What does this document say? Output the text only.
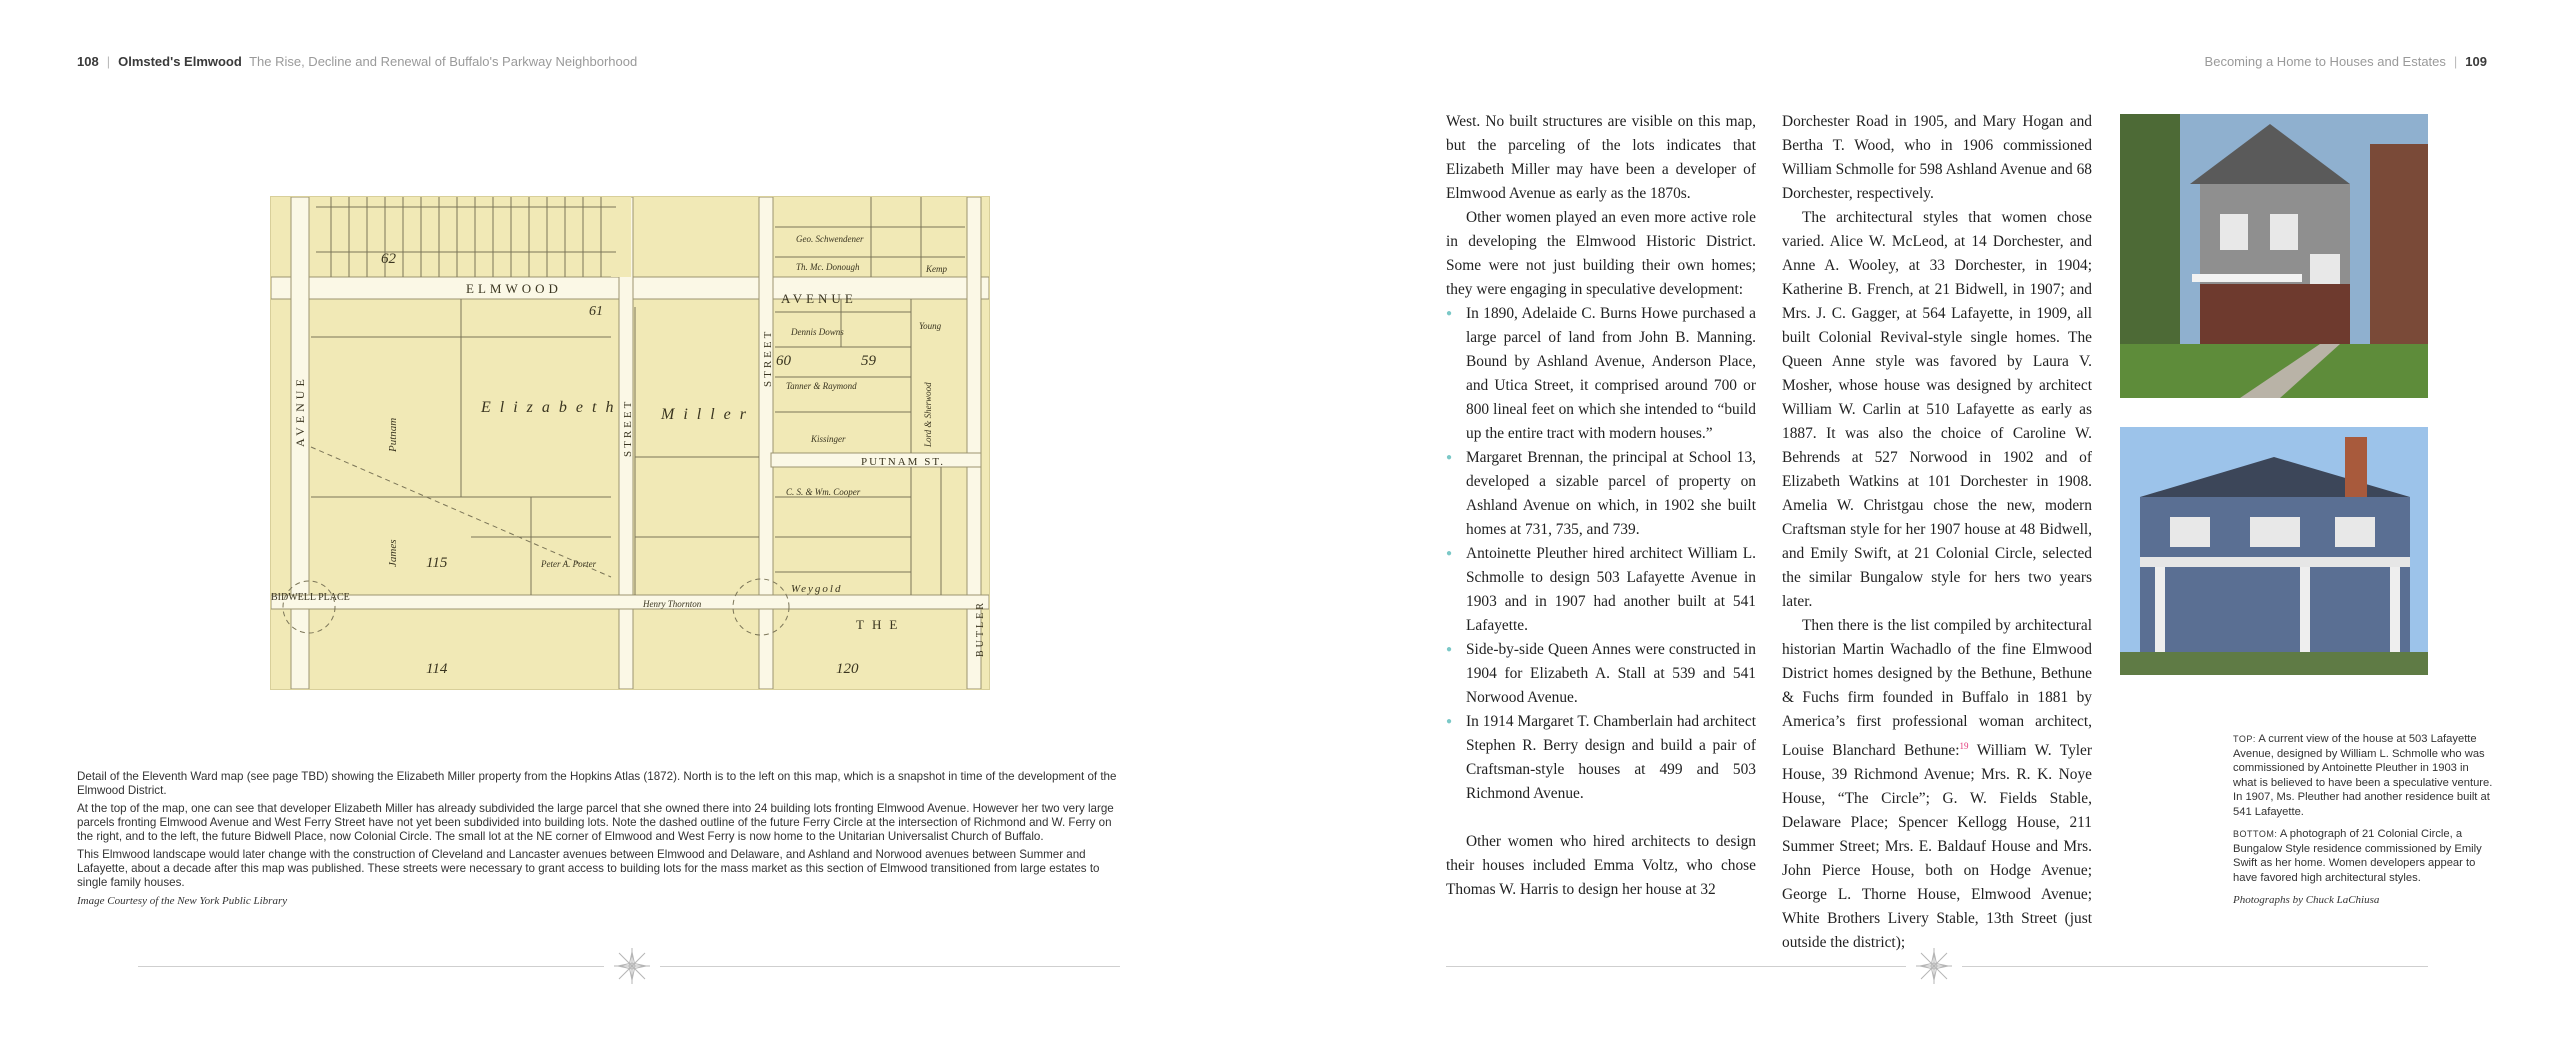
108 | Olmsted's Elmwood The Rise, Decline and Renewal of Buffalo's Parkway Neighborhood	Becoming a Home to Houses and Estates | 109
ELMWOOD
AVENUE
AVENUE	STREET
STREET
PUTNAM ST.
Elizabeth Miller
62
61
60	59
115
114	120
James
Putnam
BIDWELL PLACE
Peter A. Porter
THE	BUTLER
Henry Thornton
Weygold
C. S. & Wm. Cooper
Dennis Downs
Tanner & Raymond
Kissinger
Geo. Schwendener
Th. Mc. Donough	Kemp
Young
Lord & Sherwood

Detail of the Eleventh Ward map (see page TBD) showing the Elizabeth Miller property from the Hopkins Atlas (1872). North is to the left on this map, which is a snapshot in time of the development of the Elmwood District.

At the top of the map, one can see that developer Elizabeth Miller has already subdivided the large parcel that she owned there into 24 building lots fronting Elmwood Avenue. However her two very large parcels fronting Elmwood Avenue and West Ferry Street have not yet been subdivided into building lots. Note the dashed outline of the future Ferry Circle at the intersection of Richmond and W. Ferry on the right, and to the left, the future Bidwell Place, now Colonial Circle. The small lot at the NE corner of Elmwood and West Ferry is now home to the Unitarian Universalist Church of Buffalo.

This Elmwood landscape would later change with the construction of Cleveland and Lancaster avenues between Elmwood and Delaware, and Ashland and Norwood avenues between Summer and Lafayette, about a decade after this map was published. These streets were necessary to grant access to building lots for the mass market as this section of Elmwood transitioned from large estates to single family houses.

Image Courtesy of the New York Public Library

West. No built structures are visible on this map, but the parceling of the lots indicates that Elizabeth Miller may have been a developer of Elmwood Avenue as early as the 1870s.

Other women played an even more active role in developing the Elmwood Historic District. Some were not just building their own homes; they were engaging in speculative development:

● In 1890, Adelaide C. Burns Howe purchased a large parcel of land from John B. Manning. Bound by Ashland Avenue, Anderson Place, and Utica Street, it comprised around 700 or 800 lineal feet on which she intended to “build up the entire tract with modern houses.”
● Margaret Brennan, the principal at School 13, developed a sizable parcel of property on Ashland Avenue on which, in 1902 she built homes at 731, 735, and 739.
● Antoinette Pleuther hired architect William L. Schmolle to design 503 Lafayette Avenue in 1903 and in 1907 had another built at 541 Lafayette.
● Side-by-side Queen Annes were constructed in 1904 for Elizabeth A. Stall at 539 and 541 Norwood Avenue.
● In 1914 Margaret T. Chamberlain had architect Stephen R. Berry design and build a pair of Craftsman-style houses at 499 and 503 Richmond Avenue.

Other women who hired architects to design their houses included Emma Voltz, who chose Thomas W. Harris to design her house at 32

Dorchester Road in 1905, and Mary Hogan and Bertha T. Wood, who in 1906 commissioned William Schmolle for 598 Ashland Avenue and 68 Dorchester, respectively.

The architectural styles that women chose varied. Alice W. McLeod, at 14 Dorchester, and Anne A. Wooley, at 33 Dorchester, in 1904; Katherine B. French, at 21 Bidwell, in 1907; and Mrs. J. C. Gagger, at 564 Lafayette, in 1909, all built Colonial Revival-style single homes. The Queen Anne style was favored by Laura V. Mosher, whose house was designed by architect William W. Carlin at 510 Lafayette as early as 1887. It was also the choice of Caroline W. Behrends at 527 Norwood in 1902 and of Elizabeth Watkins at 101 Dorchester in 1908. Amelia W. Christgau chose the new, modern Craftsman style for her 1907 house at 48 Bidwell, and Emily Swift, at 21 Colonial Circle, selected the similar Bungalow style for hers two years later.

Then there is the list compiled by architectural historian Martin Wachadlo of the fine Elmwood District homes designed by the Bethune, Bethune & Fuchs firm founded in Buffalo in 1881 by America’s first professional woman architect, Louise Blanchard Bethune:$^{19}$ William W. Tyler House, 39 Richmond Avenue; Mrs. R. K. Noye House, “The Circle”; G. W. Fields Stable, Delaware Place; Spencer Kellogg House, 211 Summer Street; Mrs. E. Baldauf House and Mrs. John Pierce House, both on Hodge Avenue; George L. Thorne House, Elmwood Avenue; White Brothers Livery Stable, 13th Street (just outside the district);

TOP: A current view of the house at 503 Lafayette Avenue, designed by William L. Schmolle who was commissioned by Antoinette Pleuther in 1903 in what is believed to have been a speculative venture. In 1907, Ms. Pleuther had another residence built at 541 Lafayette.

BOTTOM: A photograph of 21 Colonial Circle, a Bungalow Style residence commissioned by Emily Swift as her home. Women developers appear to have favored high architectural styles.

Photographs by Chuck LaChiusa
